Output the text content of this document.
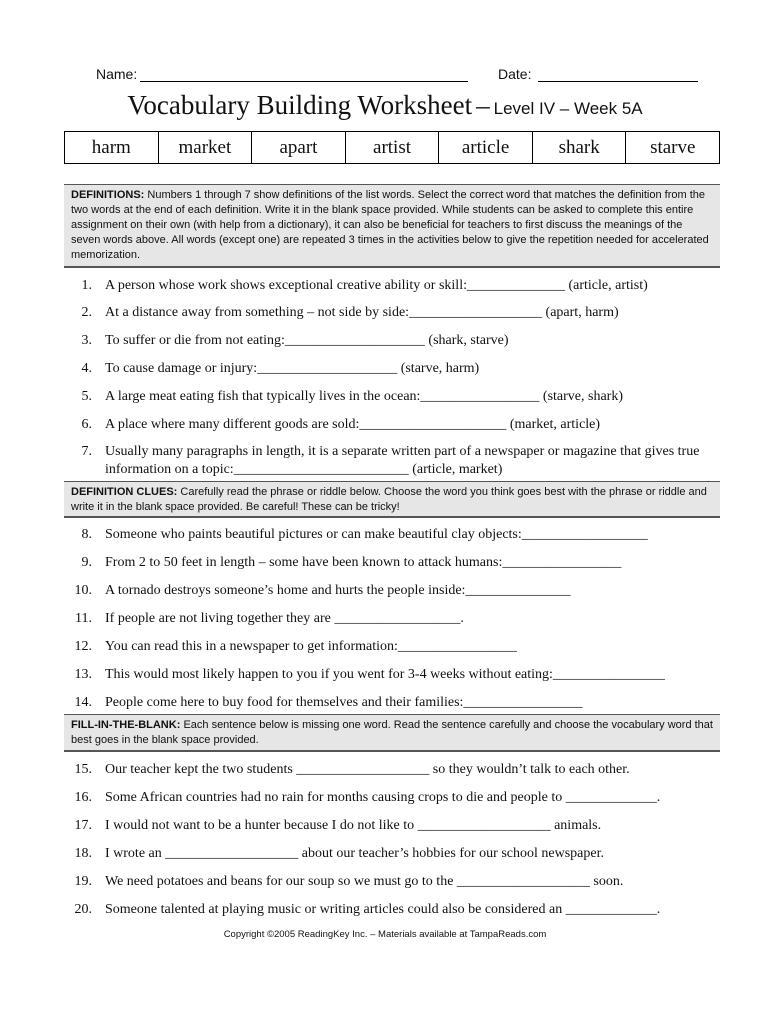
Name:	Date:
Vocabulary Building Worksheet – Level IV – Week 5A
harm	market	apart	artist	article	shark	starve
DEFINITIONS: Numbers 1 through 7 show definitions of the list words. Select the correct word that matches the definition from the two words at the end of each definition. Write it in the blank space provided. While students can be asked to complete this entire assignment on their own (with help from a dictionary), it can also be beneficial for teachers to first discuss the meanings of the seven words above. All words (except one) are repeated 3 times in the activities below to give the repetition needed for accelerated memorization.
1. A person whose work shows exceptional creative ability or skill:______________ (article, artist)
2. At a distance away from something – not side by side:___________________ (apart, harm)
3. To suffer or die from not eating:____________________ (shark, starve)
4. To cause damage or injury:____________________ (starve, harm)
5. A large meat eating fish that typically lives in the ocean:_________________ (starve, shark)
6. A place where many different goods are sold:_____________________ (market, article)
7. Usually many paragraphs in length, it is a separate written part of a newspaper or magazine that gives true information on a topic:_________________________ (article, market)
DEFINITION CLUES: Carefully read the phrase or riddle below. Choose the word you think goes best with the phrase or riddle and write it in the blank space provided. Be careful! These can be tricky!
8. Someone who paints beautiful pictures or can make beautiful clay objects:__________________
9. From 2 to 50 feet in length – some have been known to attack humans:_________________
10. A tornado destroys someone’s home and hurts the people inside:_______________
11. If people are not living together they are __________________.
12. You can read this in a newspaper to get information:_________________
13. This would most likely happen to you if you went for 3-4 weeks without eating:________________
14. People come here to buy food for themselves and their families:_________________
FILL-IN-THE-BLANK: Each sentence below is missing one word. Read the sentence carefully and choose the vocabulary word that best goes in the blank space provided.
15. Our teacher kept the two students ___________________ so they wouldn’t talk to each other.
16. Some African countries had no rain for months causing crops to die and people to _____________.
17. I would not want to be a hunter because I do not like to ___________________ animals.
18. I wrote an ___________________ about our teacher’s hobbies for our school newspaper.
19. We need potatoes and beans for our soup so we must go to the ___________________ soon.
20. Someone talented at playing music or writing articles could also be considered an _____________.
Copyright ©2005 ReadingKey Inc. – Materials available at TampaReads.com
